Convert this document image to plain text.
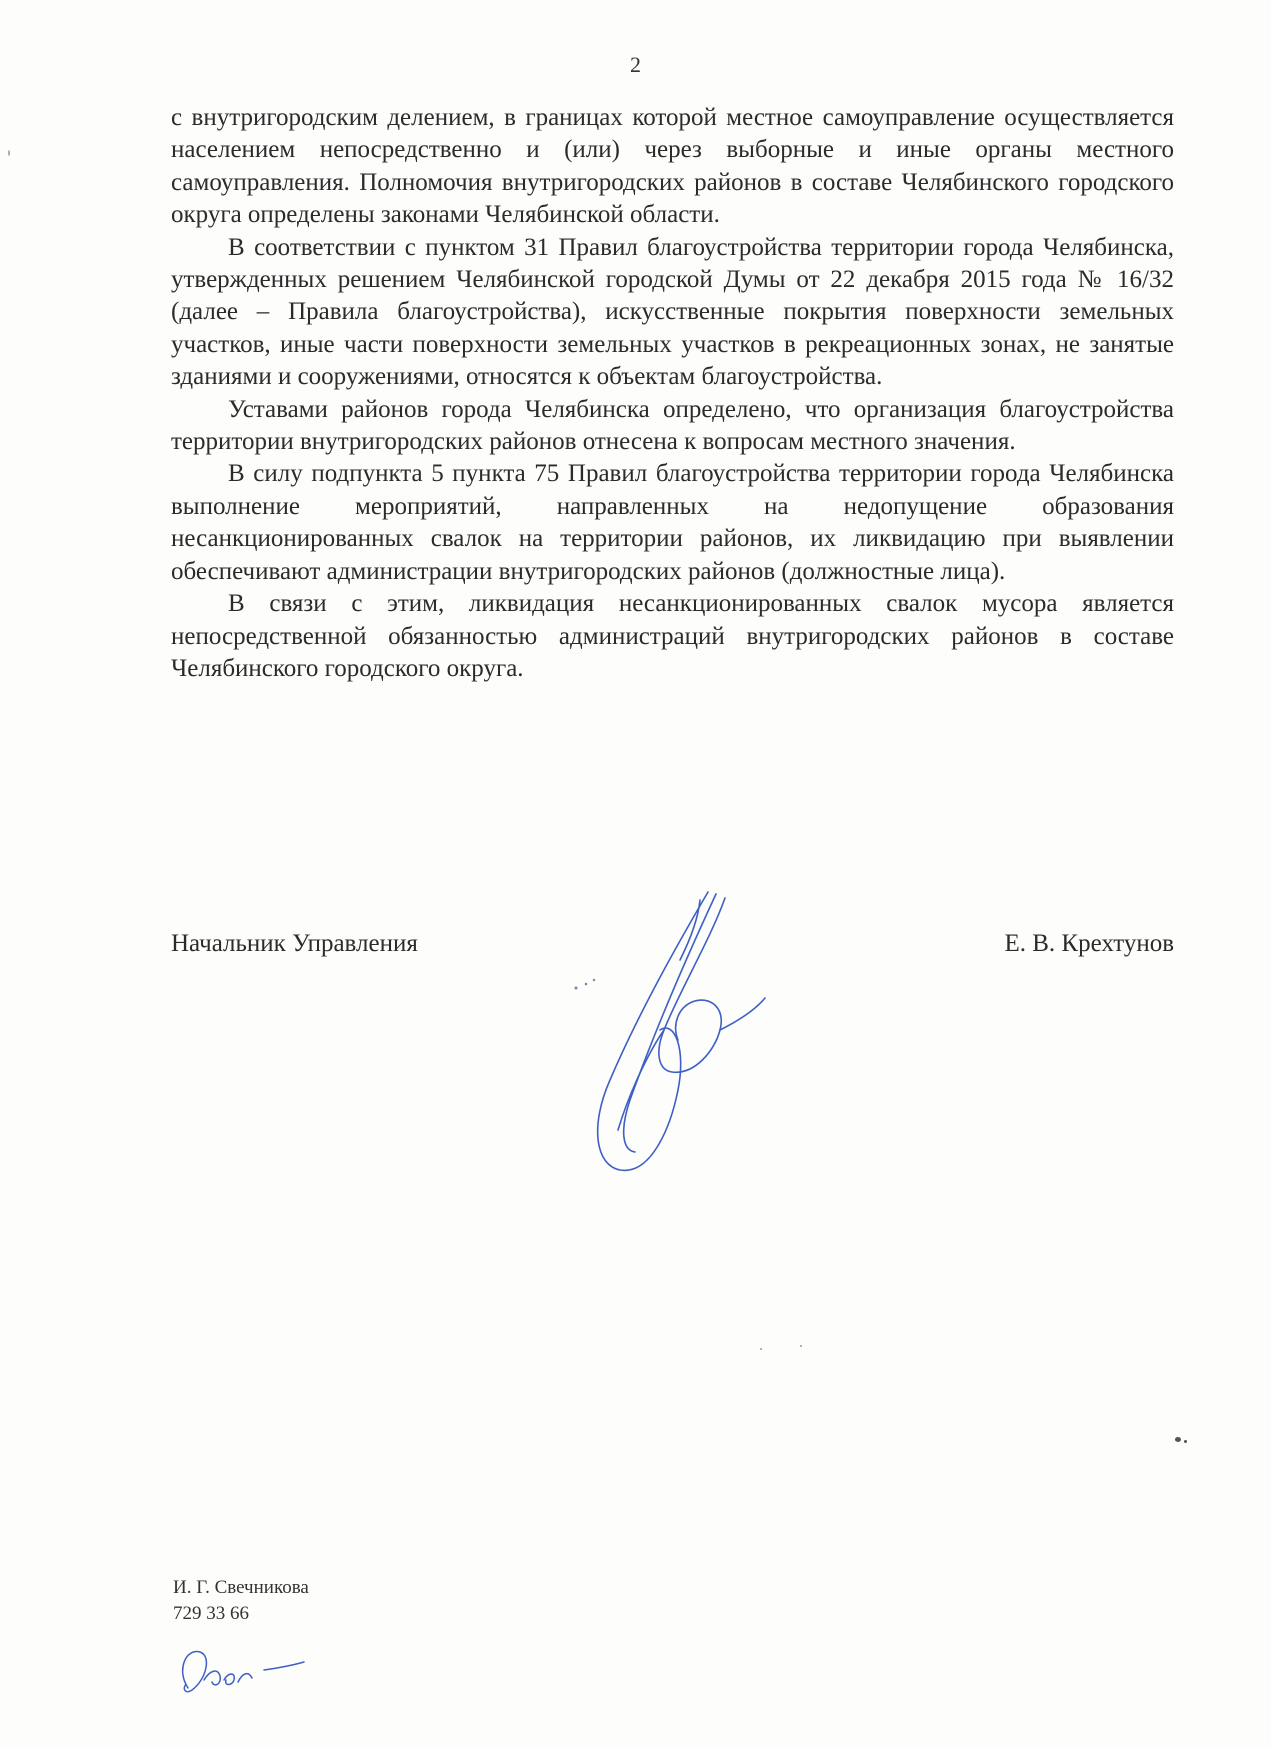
2

с внутригородским делением, в границах которой местное самоуправление осуществляется населением непосредственно и (или) через выборные и иные органы местного самоуправления. Полномочия внутригородских районов в составе Челябинского городского округа определены законами Челябинской области.

В соответствии с пунктом 31 Правил благоустройства территории города Челябинска, утвержденных решением Челябинской городской Думы от 22 декабря 2015 года № 16/32 (далее – Правила благоустройства), искусственные покрытия поверхности земельных участков, иные части поверхности земельных участков в рекреационных зонах, не занятые зданиями и сооружениями, относятся к объектам благоустройства.

Уставами районов города Челябинска определено, что организация благоустройства территории внутригородских районов отнесена к вопросам местного значения.

В силу подпункта 5 пункта 75 Правил благоустройства территории города Челябинска выполнение мероприятий, направленных на недопущение образования несанкционированных свалок на территории районов, их ликвидацию при выявлении обеспечивают администрации внутригородских районов (должностные лица).

В связи с этим, ликвидация несанкционированных свалок мусора является непосредственной обязанностью администраций внутригородских районов в составе Челябинского городского округа.

Начальник Управления	Е. В. Крехтунов
И. Г. Свечникова
729 33 66
